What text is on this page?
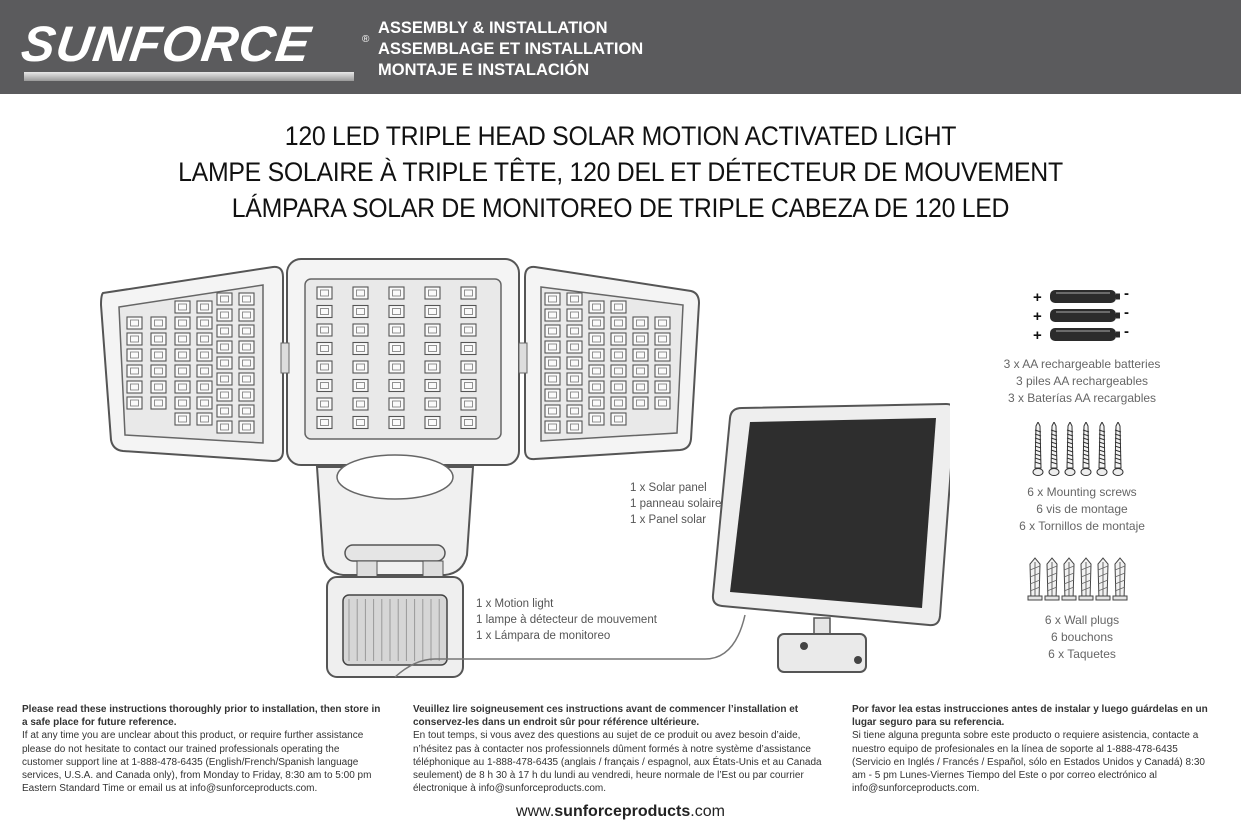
SUNFORCE	®
ASSEMBLY & INSTALLATION
ASSEMBLAGE ET INSTALLATION
MONTAJE E INSTALACIÓN
120 LED TRIPLE HEAD SOLAR MOTION ACTIVATED LIGHT
LAMPE SOLAIRE À TRIPLE TÊTE, 120 DEL ET DÉTECTEUR DE MOUVEMENT
LÁMPARA SOLAR DE MONITOREO DE TRIPLE CABEZA DE 120 LED
+	-
+	-
+	-
1 x Solar panel
1 panneau solaire
1 x Panel solar
1 x Motion light
1 lampe à détecteur de mouvement
1 x Lámpara de monitoreo
3 x AA rechargeable batteries
3 piles AA rechargeables
3 x Baterías AA recargables
6 x Mounting screws
6 vis de montage
6 x Tornillos de montaje
6 x Wall plugs
6 bouchons
6 x Taquetes
Please read these instructions thoroughly prior to installation, then store in a safe place for future reference.
If at any time you are unclear about this product, or require further assistance please do not hesitate to contact our trained professionals operating the customer support line at 1-888-478-6435 (English/French/Spanish language services, U.S.A. and Canada only), from Monday to Friday, 8:30 am to 5:00 pm Eastern Standard Time or email us at info@sunforceproducts.com.
Veuillez lire soigneusement ces instructions avant de commencer l’installation et conservez-les dans un endroit sûr pour référence ultérieure.
En tout temps, si vous avez des questions au sujet de ce produit ou avez besoin d’aide, n’hésitez pas à contacter nos professionnels dûment formés à notre système d’assistance téléphonique au 1-888-478-6435 (anglais / français / espagnol, aux États-Unis et au Canada seulement) de 8 h 30 à 17 h du lundi au vendredi, heure normale de l’Est ou par courrier électronique à info@sunforceproducts.com.
Por favor lea estas instrucciones antes de instalar y luego guárdelas en un lugar seguro para su referencia.
Si tiene alguna pregunta sobre este producto o requiere asistencia, contacte a nuestro equipo de profesionales en la línea de soporte al 1-888-478-6435 (Servicio en Inglés / Francés / Español, sólo en Estados Unidos y Canadá) 8:30 am - 5 pm Lunes-Viernes Tiempo del Este o por correo electrónico al info@sunforceproducts.com.
www.sunforceproducts.com
